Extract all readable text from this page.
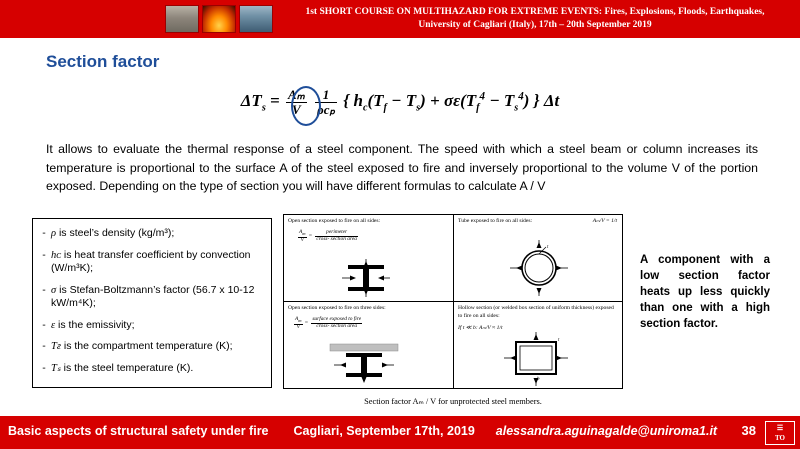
1st SHORT COURSE ON MULTIHAZARD FOR EXTREME EVENTS: Fires, Explosions, Floods, Earthquakes,
University of Cagliari (Italy), 17th – 20th September 2019
Section factor
$\Delta T_s = \frac{\text{Aₘ}}{V}$
$\frac{1}{\text{ρcₚ}}$ { $h_c(T_f - T_s) + \sigma\varepsilon(T_f^4 - T_s^4)$ } Δt
It allows to evaluate the thermal response of a steel component. The speed with which a steel beam or column increases its temperature is proportional to the surface A of the steel exposed to fire and inversely proportional to the volume V of the portion exposed. Depending on the type of section you will have different formulas to calculate A / V
- ρ is steel’s density (kg/m³);
- hᴄ is heat transfer coefficient by convection (W/m³K);
- σ is Stefan-Boltzmann’s factor (56.7 x 10-12 kW/m⁴K);
- ε is the emissivity;
- Tғ is the compartment temperature (K);
- Tₛ is the steel temperature (K).
Open section exposed to fire on all sides:
$\frac{A_m}{V} = \frac{\text{perimeter}}{\text{cross- section area}}$
Tube exposed to fire on all sides:	Aₘ/V = 1/t
t
Open section exposed to fire on three sides:
$\frac{A_m}{V} = \frac{\text{surface exposed to fire}}{\text{cross- section area}}$
Hollow section (or welded box section of uniform thickness) exposed to fire on all sides:
If t ≪ b: Aₘ/V ≈ 1/t
t
b
Section factor Aₘ / V for unprotected steel members.
A component with a low section factor heats up less quickly than one with a high section factor.
Basic aspects of structural safety under fire Cagliari, September 17th, 2019 alessandra.aguinagalde@uniroma1.it 38	☰
TO
